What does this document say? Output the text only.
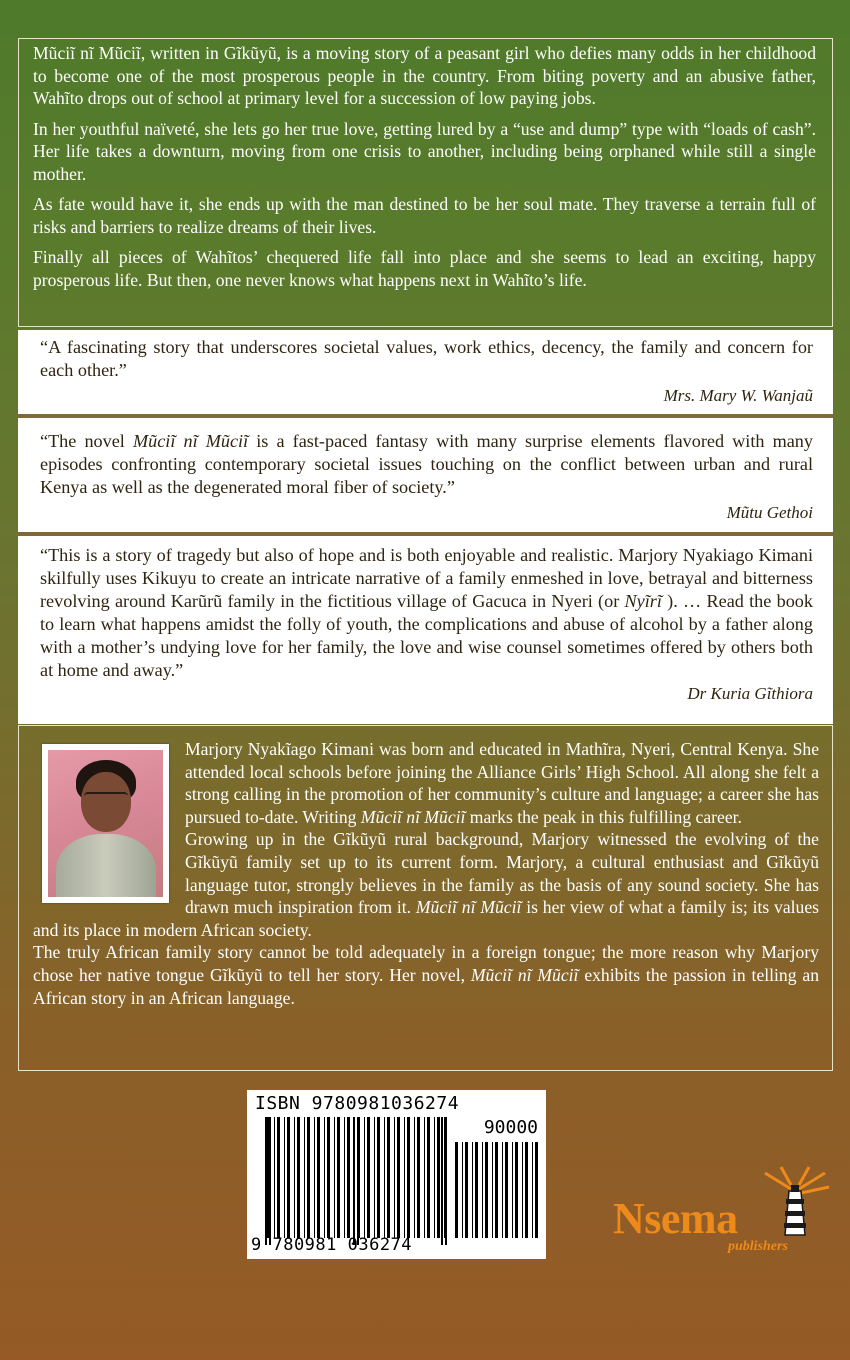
Mũciĩ nĩ Mũciĩ, written in Gĩkũyũ, is a moving story of a peasant girl who defies many odds in her childhood to become one of the most prosperous people in the country. From biting poverty and an abusive father, Wahĩto drops out of school at primary level for a succession of low paying jobs.

In her youthful naïveté, she lets go her true love, getting lured by a “use and dump” type with “loads of cash”. Her life takes a downturn, moving from one crisis to another, including being orphaned while still a single mother.

As fate would have it, she ends up with the man destined to be her soul mate. They traverse a terrain full of risks and barriers to realize dreams of their lives.

Finally all pieces of Wahĩtos’ chequered life fall into place and she seems to lead an exciting, happy prosperous life. But then, one never knows what happens next in Wahĩto’s life.

“A fascinating story that underscores societal values, work ethics, decency, the family and concern for each other.”

Mrs. Mary W. Wanjaũ

“The novel Mũciĩ nĩ Mũciĩ is a fast-paced fantasy with many surprise elements flavored with many episodes confronting contemporary societal issues touching on the conflict between urban and rural Kenya as well as the degenerated moral fiber of society.”

Mũtu Gethoi

“This is a story of tragedy but also of hope and is both enjoyable and realistic. Marjory Nyakiago Kimani skilfully uses Kikuyu to create an intricate narrative of a family enmeshed in love, betrayal and bitterness revolving around Karũrũ family in the fictitious village of Gacuca in Nyeri (or Nyĩrĩ ). … Read the book to learn what happens amidst the folly of youth, the complications and abuse of alcohol by a father along with a mother’s undying love for her family, the love and wise counsel sometimes offered by others both at home and away.”

Dr Kuria Gĩthiora

Marjory Nyakĩago Kimani was born and educated in Mathĩra, Nyeri, Central Kenya. She attended local schools before joining the Alliance Girls’ High School. All along she felt a strong calling in the promotion of her community’s culture and language; a career she has pursued to-date. Writing Mũciĩ nĩ Mũciĩ marks the peak in this fulfilling career.

Growing up in the Gĩkũyũ rural background, Marjory witnessed the evolving of the Gĩkũyũ family set up to its current form. Marjory, a cultural enthusiast and Gĩkũyũ language tutor, strongly believes in the family as the basis of any sound society. She has drawn much inspiration from it. Mũciĩ nĩ Mũciĩ is her view of what a family is; its values and its place in modern African society.

The truly African family story cannot be told adequately in a foreign tongue; the more reason why Marjory chose her native tongue Gĩkũyũ to tell her story. Her novel, Mũciĩ nĩ Mũciĩ exhibits the passion in telling an African story in an African language.

ISBN 9780981036274
90000
9 780981 036274
Nsema
publishers
